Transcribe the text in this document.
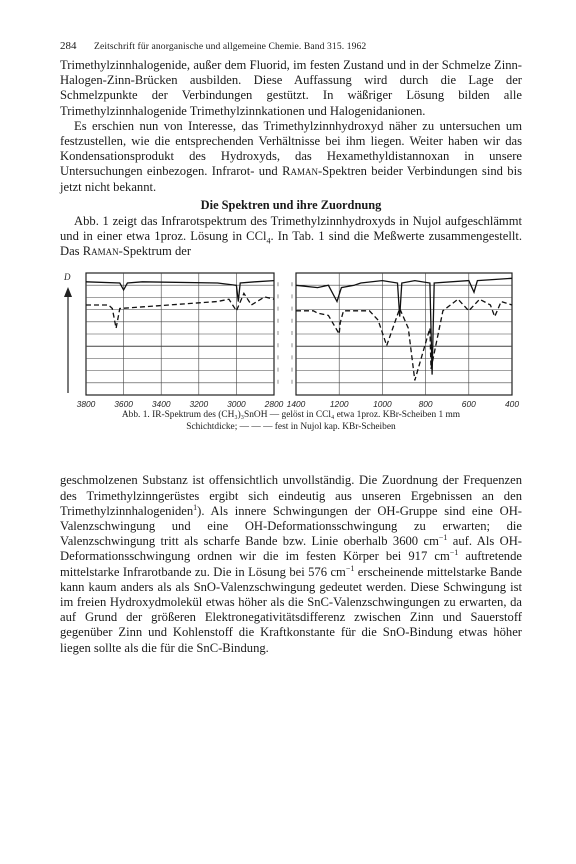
284	Zeitschrift für anorganische und allgemeine Chemie. Band 315. 1962

Trimethylzinnhalogenide, außer dem Fluorid, im festen Zustand und in der Schmelze Zinn-Halogen-Zinn-Brücken ausbilden. Diese Auffassung wird durch die Lage der Schmelzpunkte der Verbindungen gestützt. In wäßriger Lösung bilden alle Trimethylzinnhalogenide Trimethylzinnkationen und Halogenidanionen.

Es erschien nun von Interesse, das Trimethylzinnhydroxyd näher zu untersuchen um festzustellen, wie die entsprechenden Verhältnisse bei ihm liegen. Weiter haben wir das Kondensationsprodukt des Hydroxyds, das Hexamethyldistannoxan in unsere Untersuchungen einbezogen. Infrarot- und Raman-Spektren beider Verbindungen sind bis jetzt nicht bekannt.

Die Spektren und ihre Zuordnung

Abb. 1 zeigt das Infrarotspektrum des Trimethylzinnhydroxyds in Nujol aufgeschlämmt und in einer etwa 1proz. Lösung in CCl$_4$. In Tab. 1 sind die Meßwerte zusammengestellt. Das Raman-Spektrum der

D
3800 3600 3400 3200 3000 2800 1400	1200	1000	800	600	400
Abb. 1. IR-Spektrum des (CH₃)₃SnOH — gelöst in CCl₄ etwa 1proz. KBr-Scheiben 1 mm
Schichtdicke; — — — fest in Nujol kap. KBr-Scheiben

geschmolzenen Substanz ist offensichtlich unvollständig. Die Zuordnung der Frequenzen des Trimethylzinngerüstes ergibt sich eindeutig aus unseren Ergebnissen an den Trimethylzinnhalogeniden$^1$). Als innere Schwingungen der OH-Gruppe sind eine OH-Valenzschwingung und eine OH-Deformationsschwingung zu erwarten; die Valenzschwingung tritt als scharfe Bande bzw. Linie oberhalb 3600 $cm^{-1}$ auf. Als OH-Deformationsschwingung ordnen wir die im festen Körper bei 917 $cm^{-1}$ auftretende mittelstarke Infrarotbande zu. Die in Lösung bei 576 $cm^{-1}$ erscheinende mittelstarke Bande kann kaum anders als als SnO-Valenzschwingung gedeutet werden. Diese Schwingung ist im freien Hydroxydmolekül etwas höher als die SnC-Valenzschwingungen zu erwarten, da auf Grund der größeren Elektronegativitätsdifferenz zwischen Zinn und Sauerstoff gegenüber Zinn und Kohlenstoff die Kraftkonstante für die SnO-Bindung etwas höher liegen sollte als die für die SnC-Bindung.
